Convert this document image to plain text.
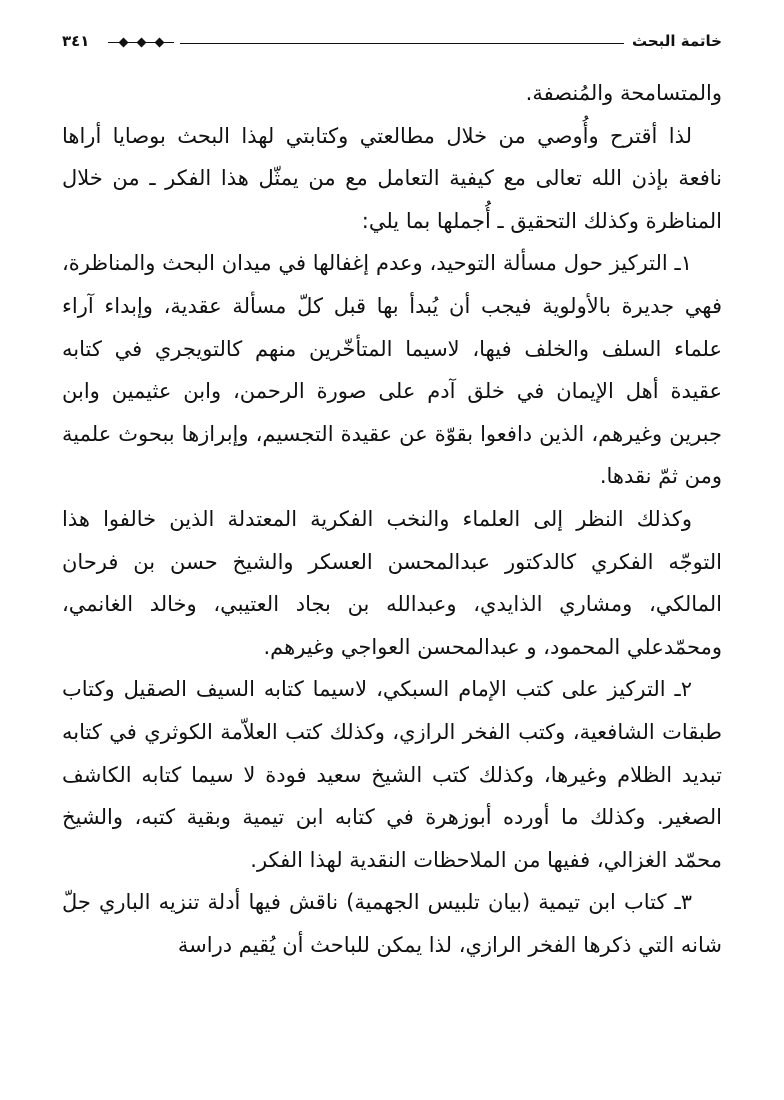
خاتمة البحث
٣٤١

والمتسامحة والمُنصفة.

لذا أقترح وأُوصي من خلال مطالعتي وكتابتي لهذا البحث بوصايا أراها نافعة بإذن الله تعالى مع كيفية التعامل مع من يمثّل هذا الفكر ـ من خلال المناظرة وكذلك التحقيق ـ أُجملها بما يلي:

١ـ التركيز حول مسألة التوحيد، وعدم إغفالها في ميدان البحث والمناظرة، فهي جديرة بالأولوية فيجب أن يُبدأ بها قبل كلّ مسألة عقدية، وإبداء آراء علماء السلف والخلف فيها، لاسيما المتأخّرين منهم كالتويجري في كتابه عقيدة أهل الإيمان في خلق آدم على صورة الرحمن، وابن عثيمين وابن جبرين وغيرهم، الذين دافعوا بقوّة عن عقيدة التجسيم، وإبرازها ببحوث علمية ومن ثمّ نقدها.

وكذلك النظر إلى العلماء والنخب الفكرية المعتدلة الذين خالفوا هذا التوجّه الفكري كالدكتور عبدالمحسن العسكر والشيخ حسن بن فرحان المالكي، ومشاري الذايدي، وعبدالله بن بجاد العتيبي، وخالد الغانمي، ومحمّدعلي المحمود، و عبدالمحسن العواجي وغيرهم.

٢ـ التركيز على كتب الإمام السبكي، لاسيما كتابه السيف الصقيل وكتاب طبقات الشافعية، وكتب الفخر الرازي، وكذلك كتب العلاّمة الكوثري في كتابه تبديد الظلام وغيرها، وكذلك كتب الشيخ سعيد فودة لا سيما كتابه الكاشف الصغير. وكذلك ما أورده أبوزهرة في كتابه ابن تيمية وبقية كتبه، والشيخ محمّد الغزالي، ففيها من الملاحظات النقدية لهذا الفكر.

٣ـ كتاب ابن تيمية (بيان تلبيس الجهمية) ناقش فيها أدلة تنزيه الباري جلّ شانه التي ذكرها الفخر الرازي، لذا يمكن للباحث أن يُقيم دراسة
